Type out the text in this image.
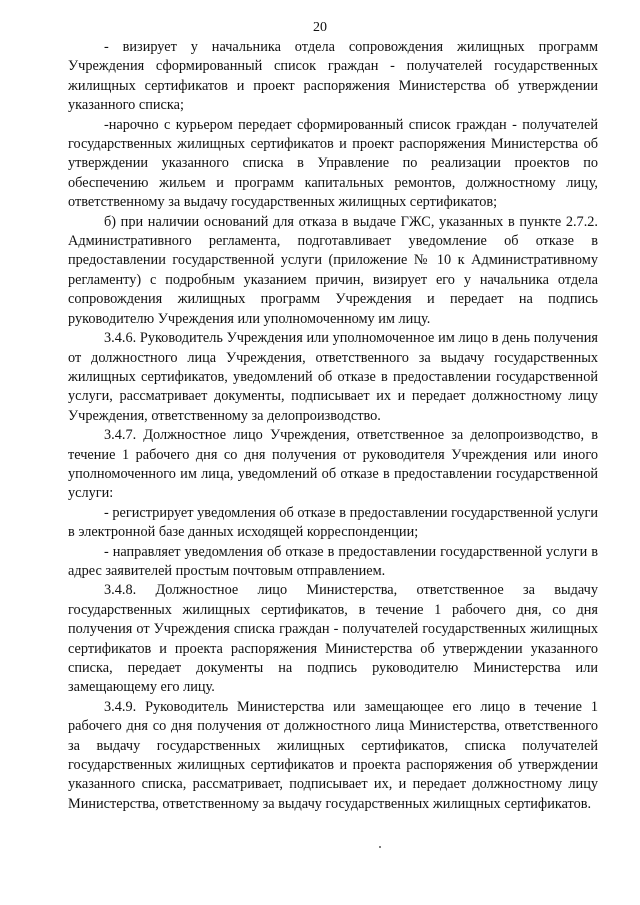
20

- визирует у начальника отдела сопровождения жилищных программ Учреждения сформированный список граждан - получателей государственных жилищных сертификатов и проект распоряжения Министерства об утверждении указанного списка;

-нарочно с курьером передает сформированный список граждан - получателей государственных жилищных сертификатов и проект распоряжения Министерства об утверждении указанного списка в Управление по реализации проектов по обеспечению жильем и программ капитальных ремонтов, должностному лицу, ответственному за выдачу государственных жилищных сертификатов;

б) при наличии оснований для отказа в выдаче ГЖС, указанных в пункте 2.7.2. Административного регламента, подготавливает уведомление об отказе в предоставлении государственной услуги (приложение № 10 к Административному регламенту) с подробным указанием причин, визирует его у начальника отдела сопровождения жилищных программ Учреждения и передает на подпись руководителю Учреждения или уполномоченному им лицу.

3.4.6. Руководитель Учреждения или уполномоченное им лицо в день получения от должностного лица Учреждения, ответственного за выдачу государственных жилищных сертификатов, уведомлений об отказе в предоставлении государственной услуги, рассматривает документы, подписывает их и передает должностному лицу Учреждения, ответственному за делопроизводство.

3.4.7. Должностное лицо Учреждения, ответственное за делопроизводство, в течение 1 рабочего дня со дня получения от руководителя Учреждения или иного уполномоченного им лица, уведомлений об отказе в предоставлении государственной услуги:

- регистрирует уведомления об отказе в предоставлении государственной услуги в электронной базе данных исходящей корреспонденции;

- направляет уведомления об отказе в предоставлении государственной услуги в адрес заявителей простым почтовым отправлением.

3.4.8. Должностное лицо Министерства, ответственное за выдачу государственных жилищных сертификатов, в течение 1 рабочего дня, со дня получения от Учреждения списка граждан - получателей государственных жилищных сертификатов и проекта распоряжения Министерства об утверждении указанного списка, передает документы на подпись руководителю Министерства или замещающему его лицу.

3.4.9. Руководитель Министерства или замещающее его лицо в течение 1 рабочего дня со дня получения от должностного лица Министерства, ответственного за выдачу государственных жилищных сертификатов, списка получателей государственных жилищных сертификатов и проекта распоряжения об утверждении указанного списка, рассматривает, подписывает их, и передает должностному лицу Министерства, ответственному за выдачу государственных жилищных сертификатов.
